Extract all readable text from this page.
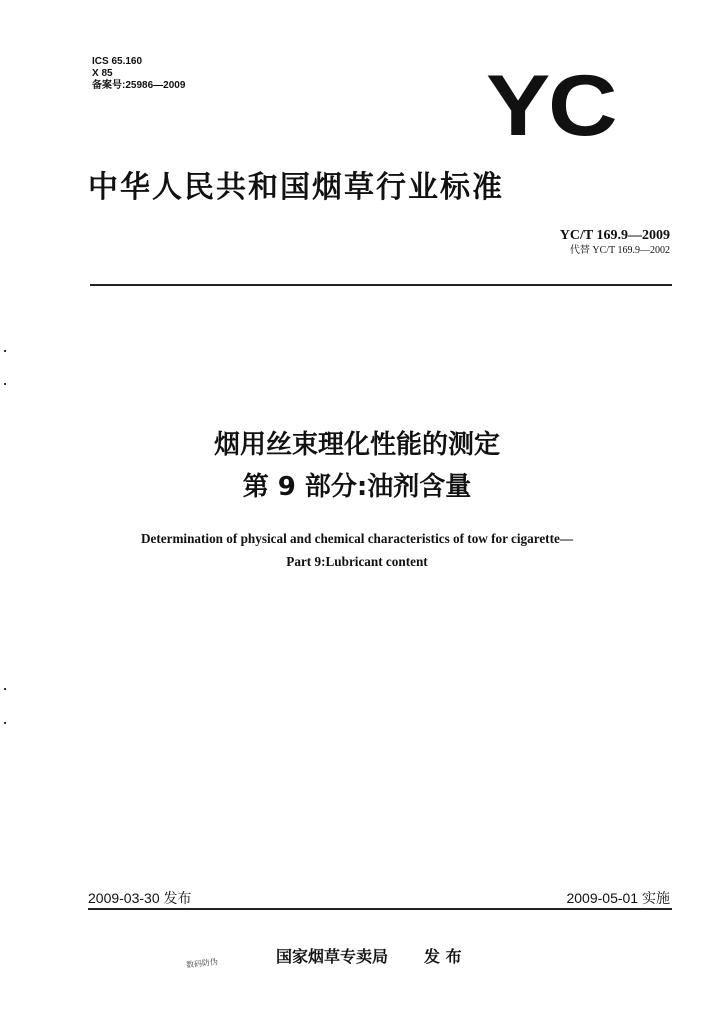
ICS 65.160
X 85
备案号:25986—2009	YC
中华人民共和国烟草行业标准
YC/T 169.9—2009
代替 YC/T 169.9—2002
烟用丝束理化性能的测定
第 9 部分:油剂含量
Determination of physical and chemical characteristics of tow for cigarette—
Part 9:Lubricant content
2009-03-30 发布	2009-05-01 实施
国家烟草专卖局 发 布
数码防伪
